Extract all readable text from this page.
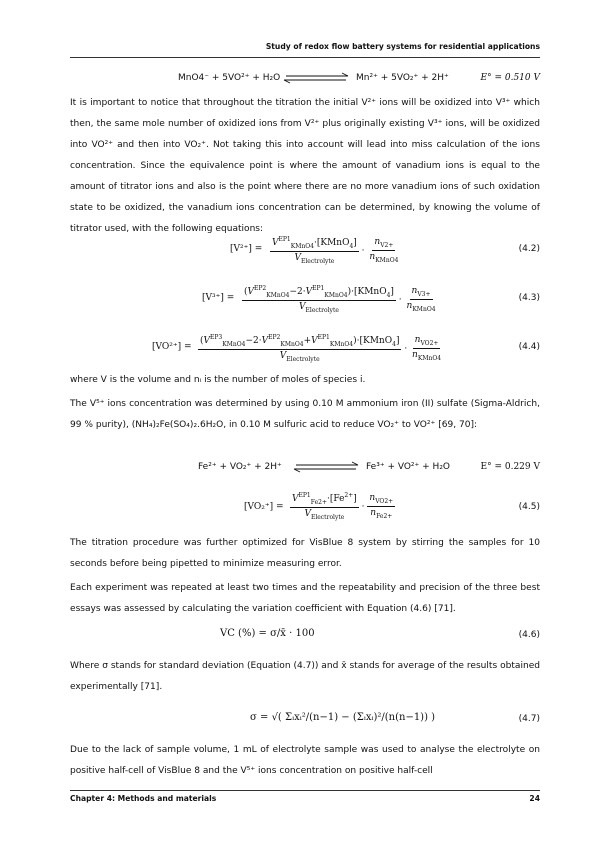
Study of redox flow battery systems for residential applications
MnO4⁻ + 5VO²⁺ + H₂O	Mn²⁺ + 5VO₂⁺ + 2H⁺	E° = 0.510 V
It is important to notice that throughout the titration the initial V²⁺ ions will be oxidized into V³⁺ which then, the same mole number of oxidized ions from V²⁺ plus originally existing V³⁺ ions, will be oxidized into VO²⁺ and then into VO₂⁺. Not taking this into account will lead into miss calculation of the ions concentration. Since the equivalence point is where the amount of vanadium ions is equal to the amount of titrator ions and also is the point where there are no more vanadium ions of such oxidation state to be oxidized, the vanadium ions concentration can be determined, by knowing the volume of titrator used, with the following equations:
$[V^{2+}] = \frac{V^{EP1}_{KMnO4}\cdot[KMnO_4]}{V_{Electrolyte}} \cdot \frac{n_{V2+}}{n_{KMnO4}}$	(4.2)
$[V^{3+}] = \frac{(V^{EP2}_{KMnO4}-2\cdot V^{EP1}_{KMnO4})\cdot[KMnO_4]}{V_{Electrolyte}} \cdot \frac{n_{V3+}}{n_{KMnO4}}$	(4.3)
$[VO^{2+}] = \frac{(V^{EP3}_{KMnO4}-2\cdot V^{EP2}_{KMnO4}+V^{EP1}_{KMnO4})\cdot[KMnO_4]}{V_{Electrolyte}} \cdot \frac{n_{VO2+}}{n_{KMnO4}}$	(4.4)
where V is the volume and nᵢ is the number of moles of species i.
The V⁵⁺ ions concentration was determined by using 0.10 M ammonium iron (II) sulfate (Sigma-Aldrich, 99 % purity), (NH₄)₂Fe(SO₄)₂.6H₂O, in 0.10 M sulfuric acid to reduce VO₂⁺ to VO²⁺ [69, 70]:
Fe²⁺ + VO₂⁺ + 2H⁺	Fe³⁺ + VO²⁺ + H₂O	E° = 0.229 V
$[VO_2^+] = \frac{V^{EP1}_{Fe2+}\cdot[Fe^{2+}]}{V_{Electrolyte}} \cdot \frac{n_{VO2+}}{n_{Fe2+}}$	(4.5)
The titration procedure was further optimized for VisBlue 8 system by stirring the samples for 10 seconds before being pipetted to minimize measuring error.
Each experiment was repeated at least two times and the repeatability and precision of the three best essays was assessed by calculating the variation coefficient with Equation (4.6) [71].
VC (%) = σ/x̄ · 100	(4.6)
Where σ stands for standard deviation (Equation (4.7)) and x̄ stands for average of the results obtained experimentally [71].
σ = √( Σᵢxᵢ²/(n−1) − (Σᵢxᵢ)²/(n(n−1)) )	(4.7)
Due to the lack of sample volume, 1 mL of electrolyte sample was used to analyse the electrolyte on positive half-cell of VisBlue 8 and the V⁵⁺ ions concentration on positive half-cell
Chapter 4: Methods and materials	24
